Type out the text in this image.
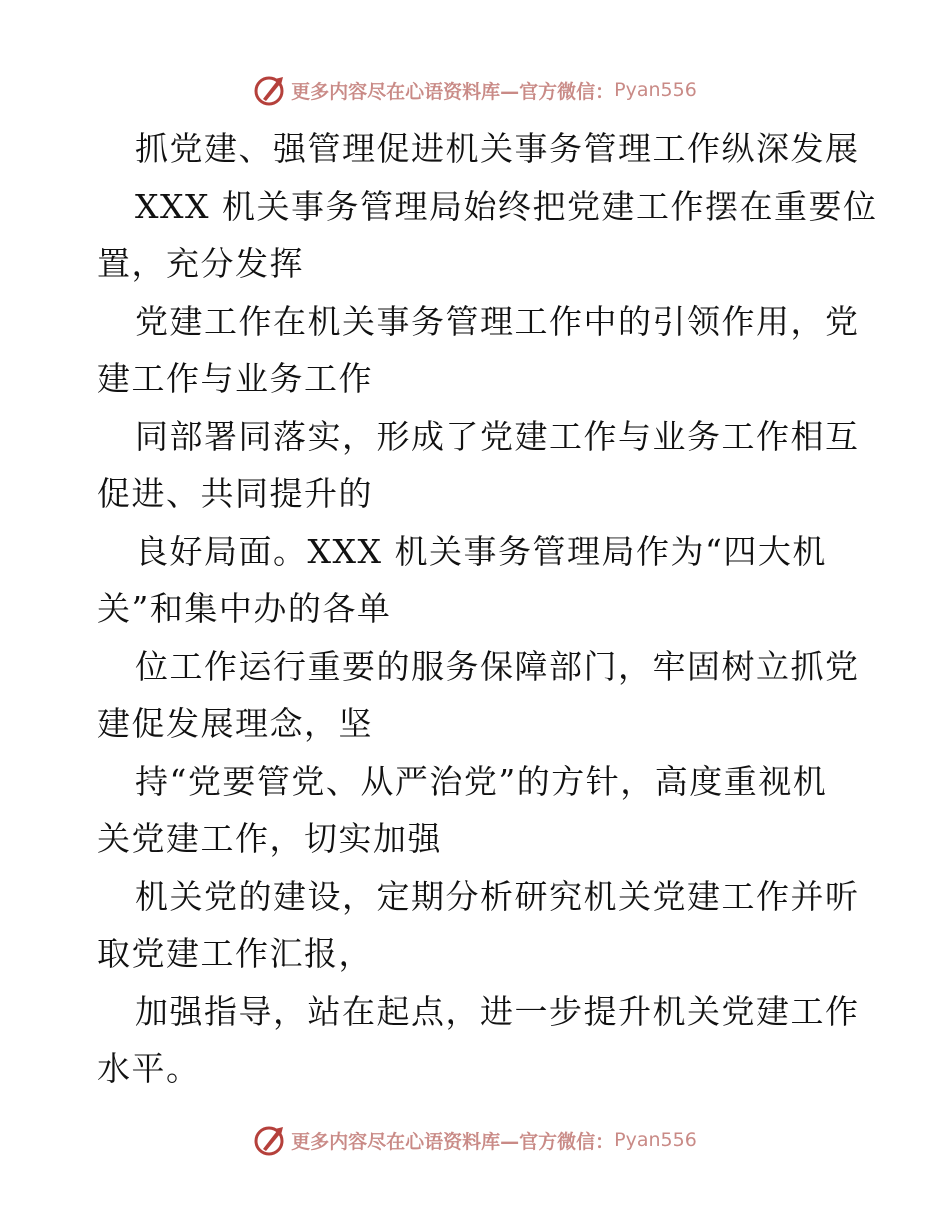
更多内容尽在心语资料库—官方微信： Pyan556
抓党建、强管理促进机关事务管理工作纵深发展
XXX 机关事务管理局始终把党建工作摆在重要位
置，充分发挥
党建工作在机关事务管理工作中的引领作用，党
建工作与业务工作
同部署同落实，形成了党建工作与业务工作相互
促进、共同提升的
良好局面。XXX 机关事务管理局作为“四大机
关”和集中办的各单
位工作运行重要的服务保障部门，牢固树立抓党
建促发展理念，坚
持“党要管党、从严治党”的方针，高度重视机
关党建工作，切实加强
机关党的建设，定期分析研究机关党建工作并听
取党建工作汇报，
加强指导，站在起点，进一步提升机关党建工作
水平。
更多内容尽在心语资料库—官方微信： Pyan556
